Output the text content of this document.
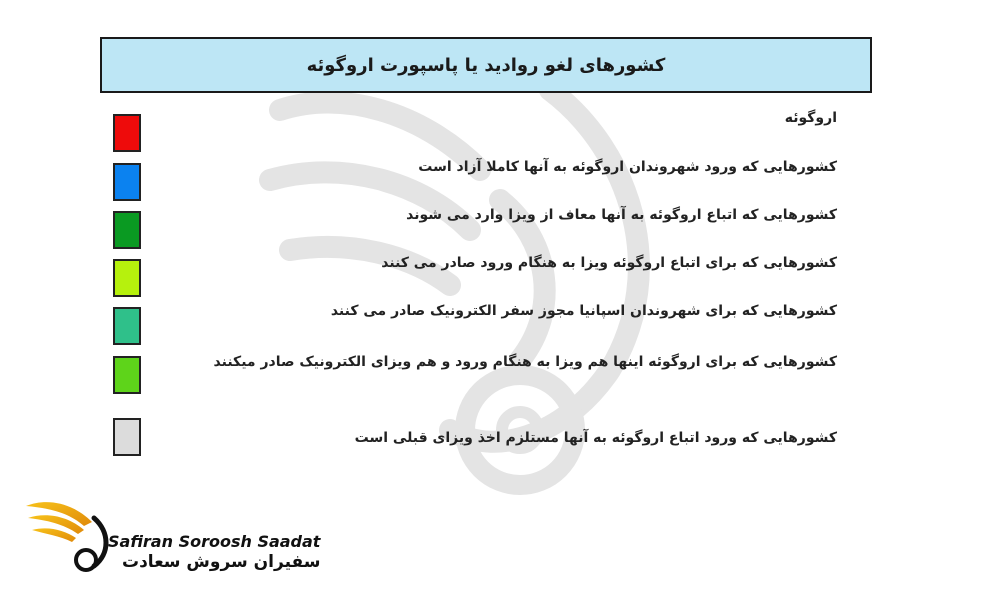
کشورهای لغو روادید یا پاسپورت اروگوئه
اروگوئه
کشورهایی که ورود شهروندان اروگوئه به آنها کاملا آزاد است
کشورهایی که اتباع اروگوئه به آنها معاف از ویزا وارد می شوند
کشورهایی که برای اتباع اروگوئه ویزا به هنگام ورود صادر می کنند
کشورهایی که برای شهروندان اسپانیا مجوز سفر الکترونیک صادر می کنند
کشورهایی که برای اروگوئه اینها هم ویزا به هنگام ورود و هم ویزای الکترونیک صادر میکنند
کشورهایی که ورود اتباع اروگوئه به آنها مستلزم اخذ ویزای قبلی است
Safiran Soroosh Saadat
سفیران سروش سعادت
